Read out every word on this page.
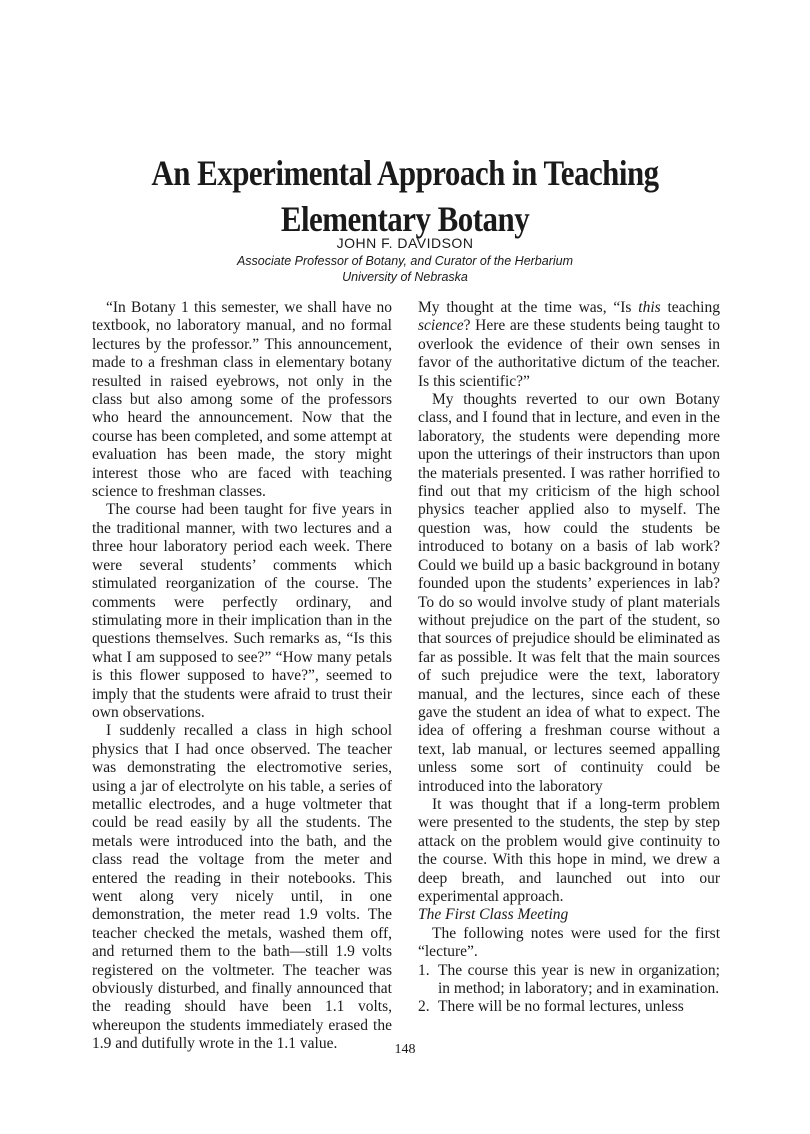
An Experimental Approach in Teaching
Elementary Botany

JOHN F. DAVIDSON

Associate Professor of Botany, and Curator of the Herbarium
University of Nebraska

“In Botany 1 this semester, we shall have no textbook, no laboratory manual, and no formal lectures by the professor.” This announcement, made to a freshman class in elementary botany resulted in raised eyebrows, not only in the class but also among some of the professors who heard the announcement. Now that the course has been completed, and some attempt at evaluation has been made, the story might interest those who are faced with teaching science to freshman classes.

The course had been taught for five years in the traditional manner, with two lectures and a three hour laboratory period each week. There were several students’ comments which stimulated reorganization of the course. The comments were perfectly ordinary, and stimulating more in their implication than in the questions themselves. Such remarks as, “Is this what I am supposed to see?” “How many petals is this flower supposed to have?”, seemed to imply that the students were afraid to trust their own observations.

I suddenly recalled a class in high school physics that I had once observed. The teacher was demonstrating the electromotive series, using a jar of electrolyte on his table, a series of metallic electrodes, and a huge voltmeter that could be read easily by all the students. The metals were introduced into the bath, and the class read the voltage from the meter and entered the reading in their notebooks. This went along very nicely until, in one demonstration, the meter read 1.9 volts. The teacher checked the metals, washed them off, and returned them to the bath—still 1.9 volts registered on the voltmeter. The teacher was obviously disturbed, and finally announced that the reading should have been 1.1 volts, whereupon the students immediately erased the 1.9 and dutifully wrote in the 1.1 value.

My thought at the time was, “Is this teaching science? Here are these students being taught to overlook the evidence of their own senses in favor of the authoritative dictum of the teacher. Is this scientific?”

My thoughts reverted to our own Botany class, and I found that in lecture, and even in the laboratory, the students were depending more upon the utterings of their instructors than upon the materials presented. I was rather horrified to find out that my criticism of the high school physics teacher applied also to myself. The question was, how could the students be introduced to botany on a basis of lab work? Could we build up a basic background in botany founded upon the students’ experiences in lab? To do so would involve study of plant materials without prejudice on the part of the student, so that sources of prejudice should be eliminated as far as possible. It was felt that the main sources of such prejudice were the text, laboratory manual, and the lectures, since each of these gave the student an idea of what to expect. The idea of offering a freshman course without a text, lab manual, or lectures seemed appalling unless some sort of continuity could be introduced into the laboratory

It was thought that if a long-term problem were presented to the students, the step by step attack on the problem would give continuity to the course. With this hope in mind, we drew a deep breath, and launched out into our experimental approach.

The First Class Meeting

The following notes were used for the first “lecture”.

1. The course this year is new in organization; in method; in laboratory; and in examination.
2. There will be no formal lectures, unless

148
